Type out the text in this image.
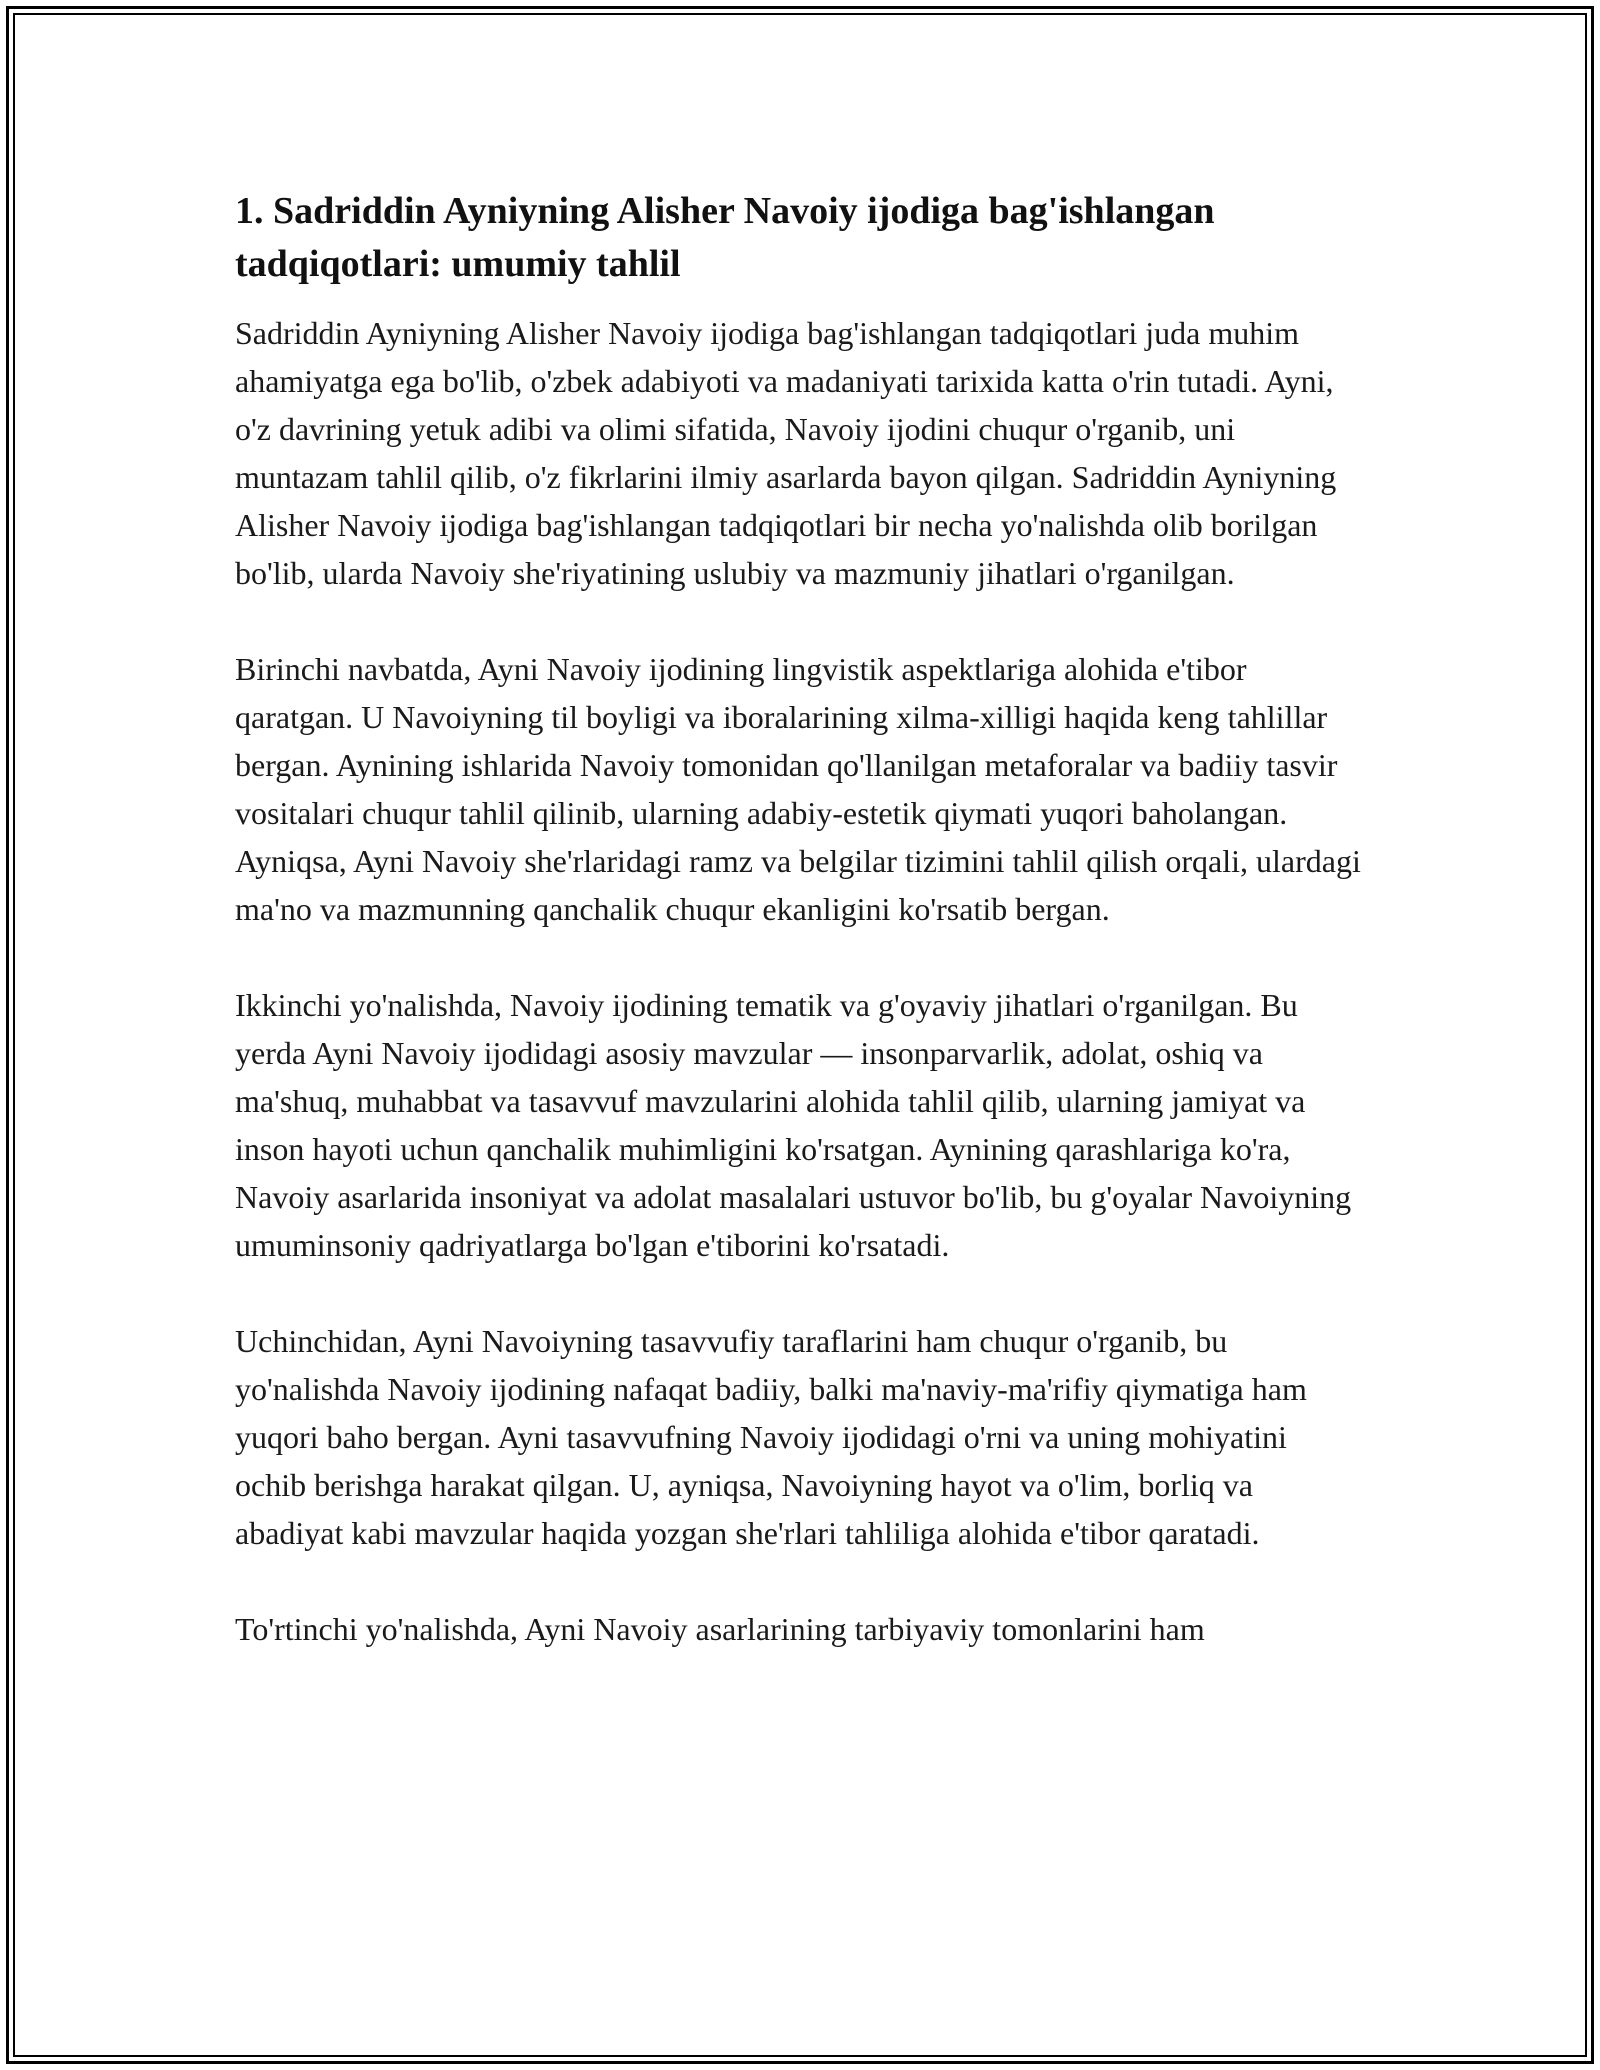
1. Sadriddin Ayniyning Alisher Navoiy ijodiga bag'ishlangan tadqiqotlari: umumiy tahlil

Sadriddin Ayniyning Alisher Navoiy ijodiga bag'ishlangan tadqiqotlari juda muhim ahamiyatga ega bo'lib, o'zbek adabiyoti va madaniyati tarixida katta o'rin tutadi. Ayni, o'z davrining yetuk adibi va olimi sifatida, Navoiy ijodini chuqur o'rganib, uni muntazam tahlil qilib, o'z fikrlarini ilmiy asarlarda bayon qilgan. Sadriddin Ayniyning Alisher Navoiy ijodiga bag'ishlangan tadqiqotlari bir necha yo'nalishda olib borilgan bo'lib, ularda Navoiy she'riyatining uslubiy va mazmuniy jihatlari o'rganilgan.

Birinchi navbatda, Ayni Navoiy ijodining lingvistik aspektlariga alohida e'tibor qaratgan. U Navoiyning til boyligi va iboralarining xilma-xilligi haqida keng tahlillar bergan. Aynining ishlarida Navoiy tomonidan qo'llanilgan metaforalar va badiiy tasvir vositalari chuqur tahlil qilinib, ularning adabiy-estetik qiymati yuqori baholangan. Ayniqsa, Ayni Navoiy she'rlaridagi ramz va belgilar tizimini tahlil qilish orqali, ulardagi ma'no va mazmunning qanchalik chuqur ekanligini ko'rsatib bergan.

Ikkinchi yo'nalishda, Navoiy ijodining tematik va g'oyaviy jihatlari o'rganilgan. Bu yerda Ayni Navoiy ijodidagi asosiy mavzular — insonparvarlik, adolat, oshiq va ma'shuq, muhabbat va tasavvuf mavzularini alohida tahlil qilib, ularning jamiyat va inson hayoti uchun qanchalik muhimligini ko'rsatgan. Aynining qarashlariga ko'ra, Navoiy asarlarida insoniyat va adolat masalalari ustuvor bo'lib, bu g'oyalar Navoiyning umuminsoniy qadriyatlarga bo'lgan e'tiborini ko'rsatadi.

Uchinchidan, Ayni Navoiyning tasavvufiy taraflarini ham chuqur o'rganib, bu yo'nalishda Navoiy ijodining nafaqat badiiy, balki ma'naviy-ma'rifiy qiymatiga ham yuqori baho bergan. Ayni tasavvufning Navoiy ijodidagi o'rni va uning mohiyatini ochib berishga harakat qilgan. U, ayniqsa, Navoiyning hayot va o'lim, borliq va abadiyat kabi mavzular haqida yozgan she'rlari tahliliga alohida e'tibor qaratadi.

To'rtinchi yo'nalishda, Ayni Navoiy asarlarining tarbiyaviy tomonlarini ham
